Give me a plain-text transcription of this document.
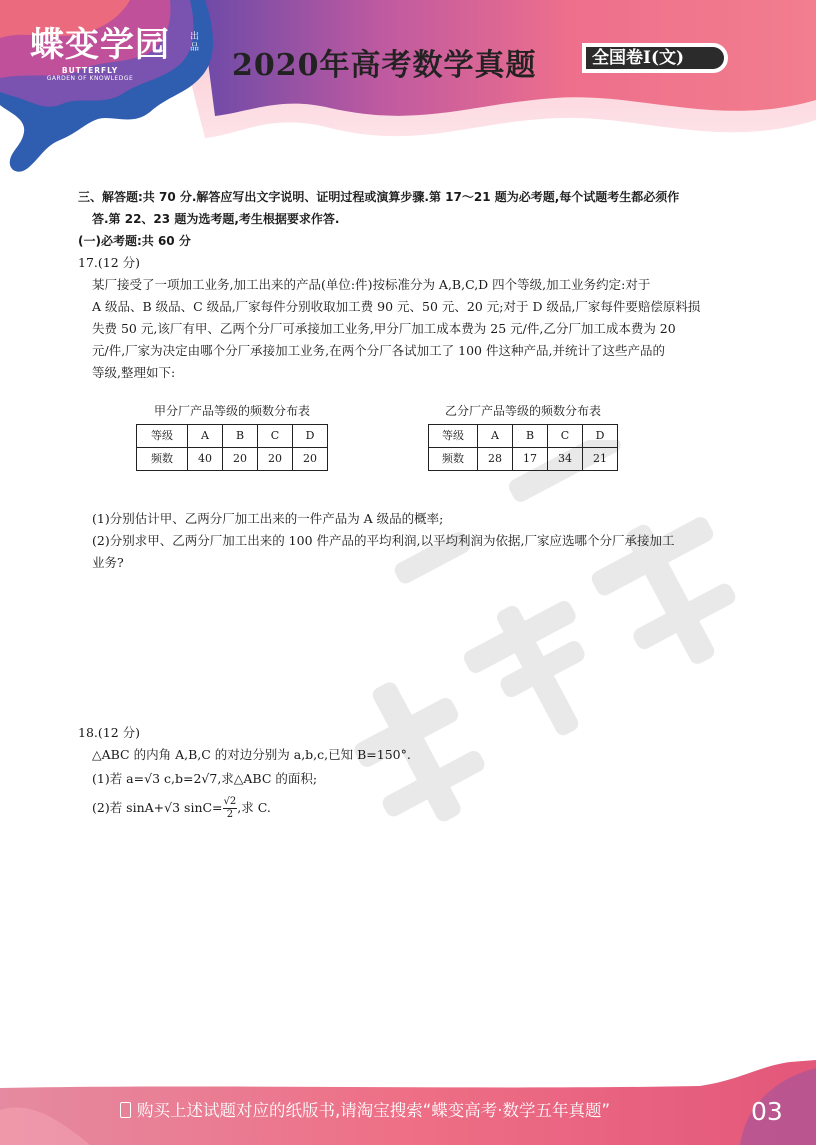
蝶变学园	出品
BUTTERFLY
GARDEN OF KNOWLEDGE	2020年高考数学真题	全国卷Ⅰ(文)

三、解答题:共 70 分.解答应写出文字说明、证明过程或演算步骤.第 17～21 题为必考题,每个试题考生都必须作
答.第 22、23 题为选考题,考生根据要求作答.

(一)必考题:共 60 分

17.(12 分)

某厂接受了一项加工业务,加工出来的产品(单位:件)按标准分为 A,B,C,D 四个等级,加工业务约定:对于
A 级品、B 级品、C 级品,厂家每件分别收取加工费 90 元、50 元、20 元;对于 D 级品,厂家每件要赔偿原料损
失费 50 元,该厂有甲、乙两个分厂可承接加工业务,甲分厂加工成本费为 25 元/件,乙分厂加工成本费为 20
元/件,厂家为决定由哪个分厂承接加工业务,在两个分厂各试加工了 100 件这种产品,并统计了这些产品的
等级,整理如下:
甲分厂产品等级的频数分布表
等级	A	B	C	D
频数	40	20	20	20
乙分厂产品等级的频数分布表
等级	A	B	C	D
频数	28	17	34	21
(1)分别估计甲、乙两分厂加工出来的一件产品为 A 级品的概率;
(2)分别求甲、乙两分厂加工出来的 100 件产品的平均利润,以平均利润为依据,厂家应选哪个分厂承接加工
业务?
18.(12 分)
△ABC 的内角 A,B,C 的对边分别为 a,b,c,已知 B=150°.
(1)若 a=√3 c,b=2√7,求△ABC 的面积;
(2)若 sinA+√3 $\sin C= \frac{√2}{2}$ ,求 C.
购买上述试题对应的纸版书,请淘宝搜索“蝶变高考·数学五年真题”	03
